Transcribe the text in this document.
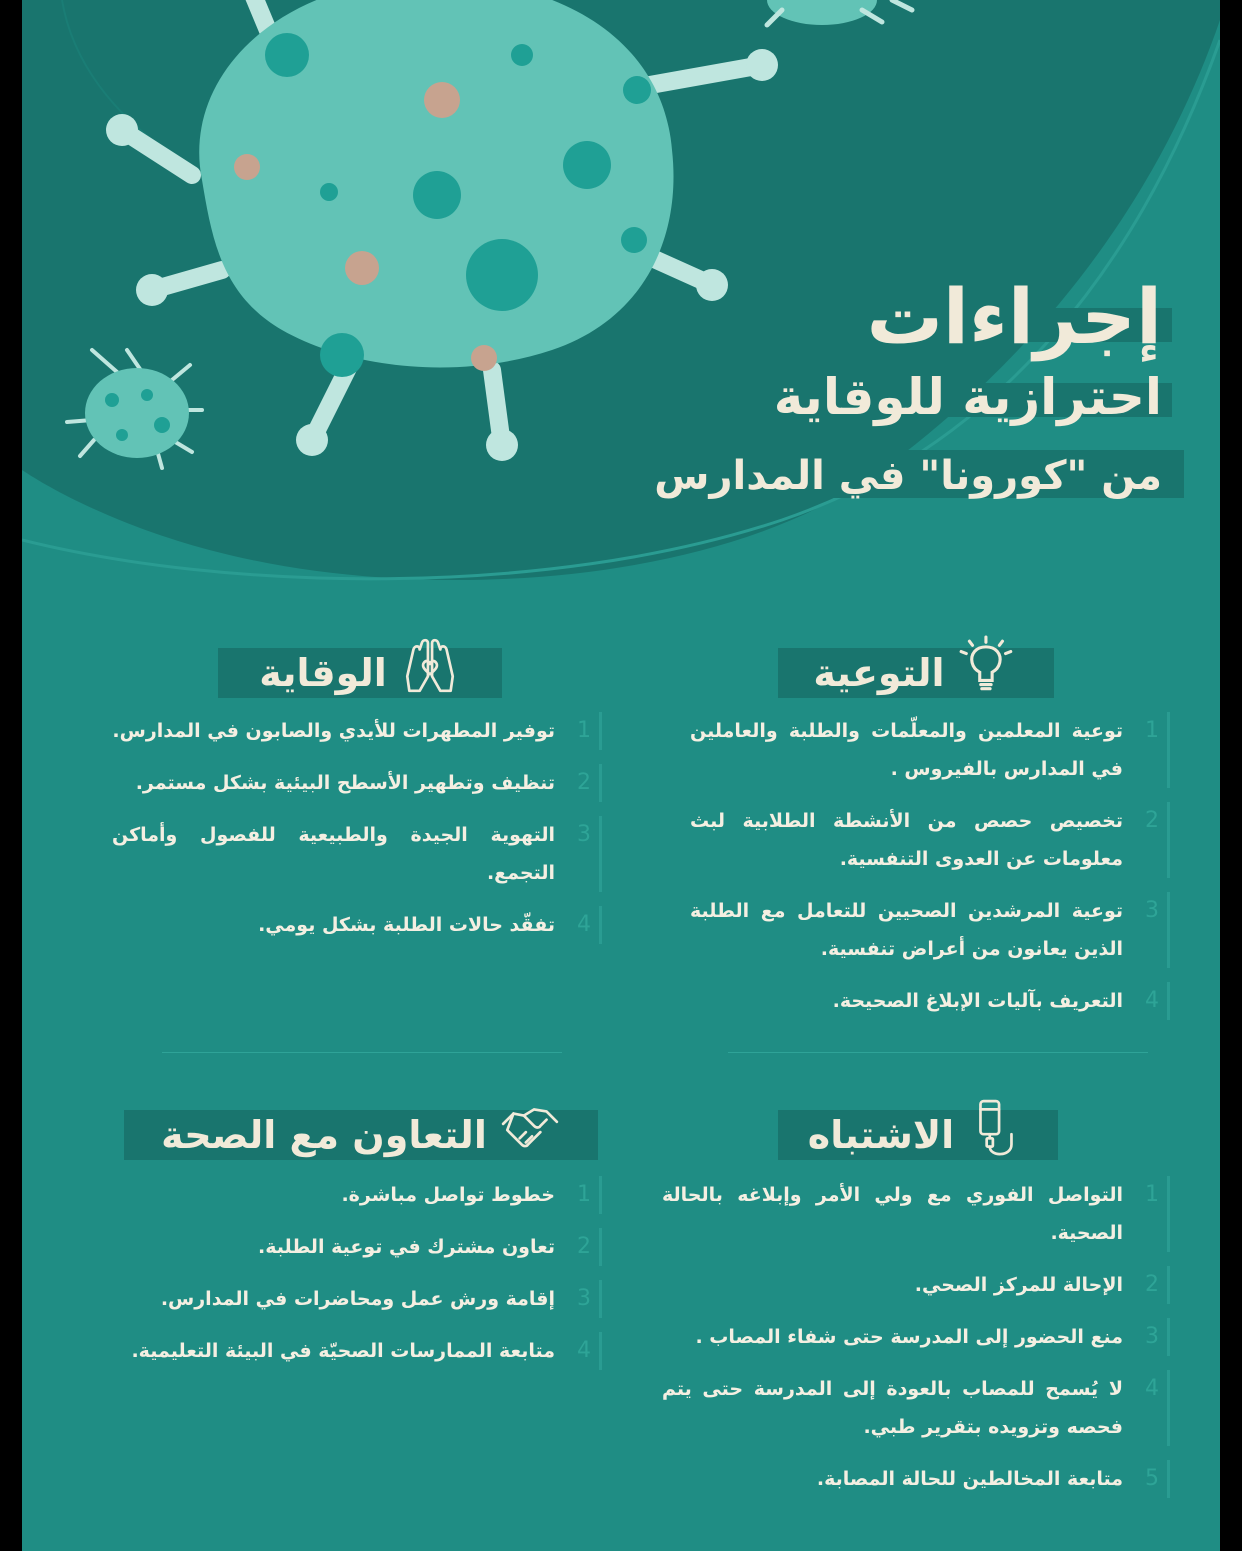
إجراءات
احترازية للوقاية
من "كورونا" في المدارس
التوعية
الوقاية
1
توعية المعلمين والمعلّمات والطلبة والعاملين في المدارس بالفيروس .
2
تخصيص حصص من الأنشطة الطلابية لبث معلومات عن العدوى التنفسية.
3
توعية المرشدين الصحيين للتعامل مع الطلبة الذين يعانون من أعراض تنفسية.
4
التعريف بآليات الإبلاغ الصحيحة.
1
توفير المطهرات للأيدي والصابون في المدارس.
2
تنظيف وتطهير الأسطح البيئية بشكل مستمر.
3
التهوية الجيدة والطبيعية للفصول وأماكن التجمع.
4
تفقّد حالات الطلبة بشكل يومي.
الاشتباه
التعاون مع الصحة
1
التواصل الفوري مع ولي الأمر وإبلاغه بالحالة الصحية.
2
الإحالة للمركز الصحي.
3
منع الحضور إلى المدرسة حتى شفاء المصاب .
4
لا يُسمح للمصاب بالعودة إلى المدرسة حتى يتم فحصه وتزويده بتقرير طبي.
5
متابعة المخالطين للحالة المصابة.
1
خطوط تواصل مباشرة.
2
تعاون مشترك في توعية الطلبة.
3
إقامة ورش عمل ومحاضرات في المدارس.
4
متابعة الممارسات الصحيّة في البيئة التعليمية.
